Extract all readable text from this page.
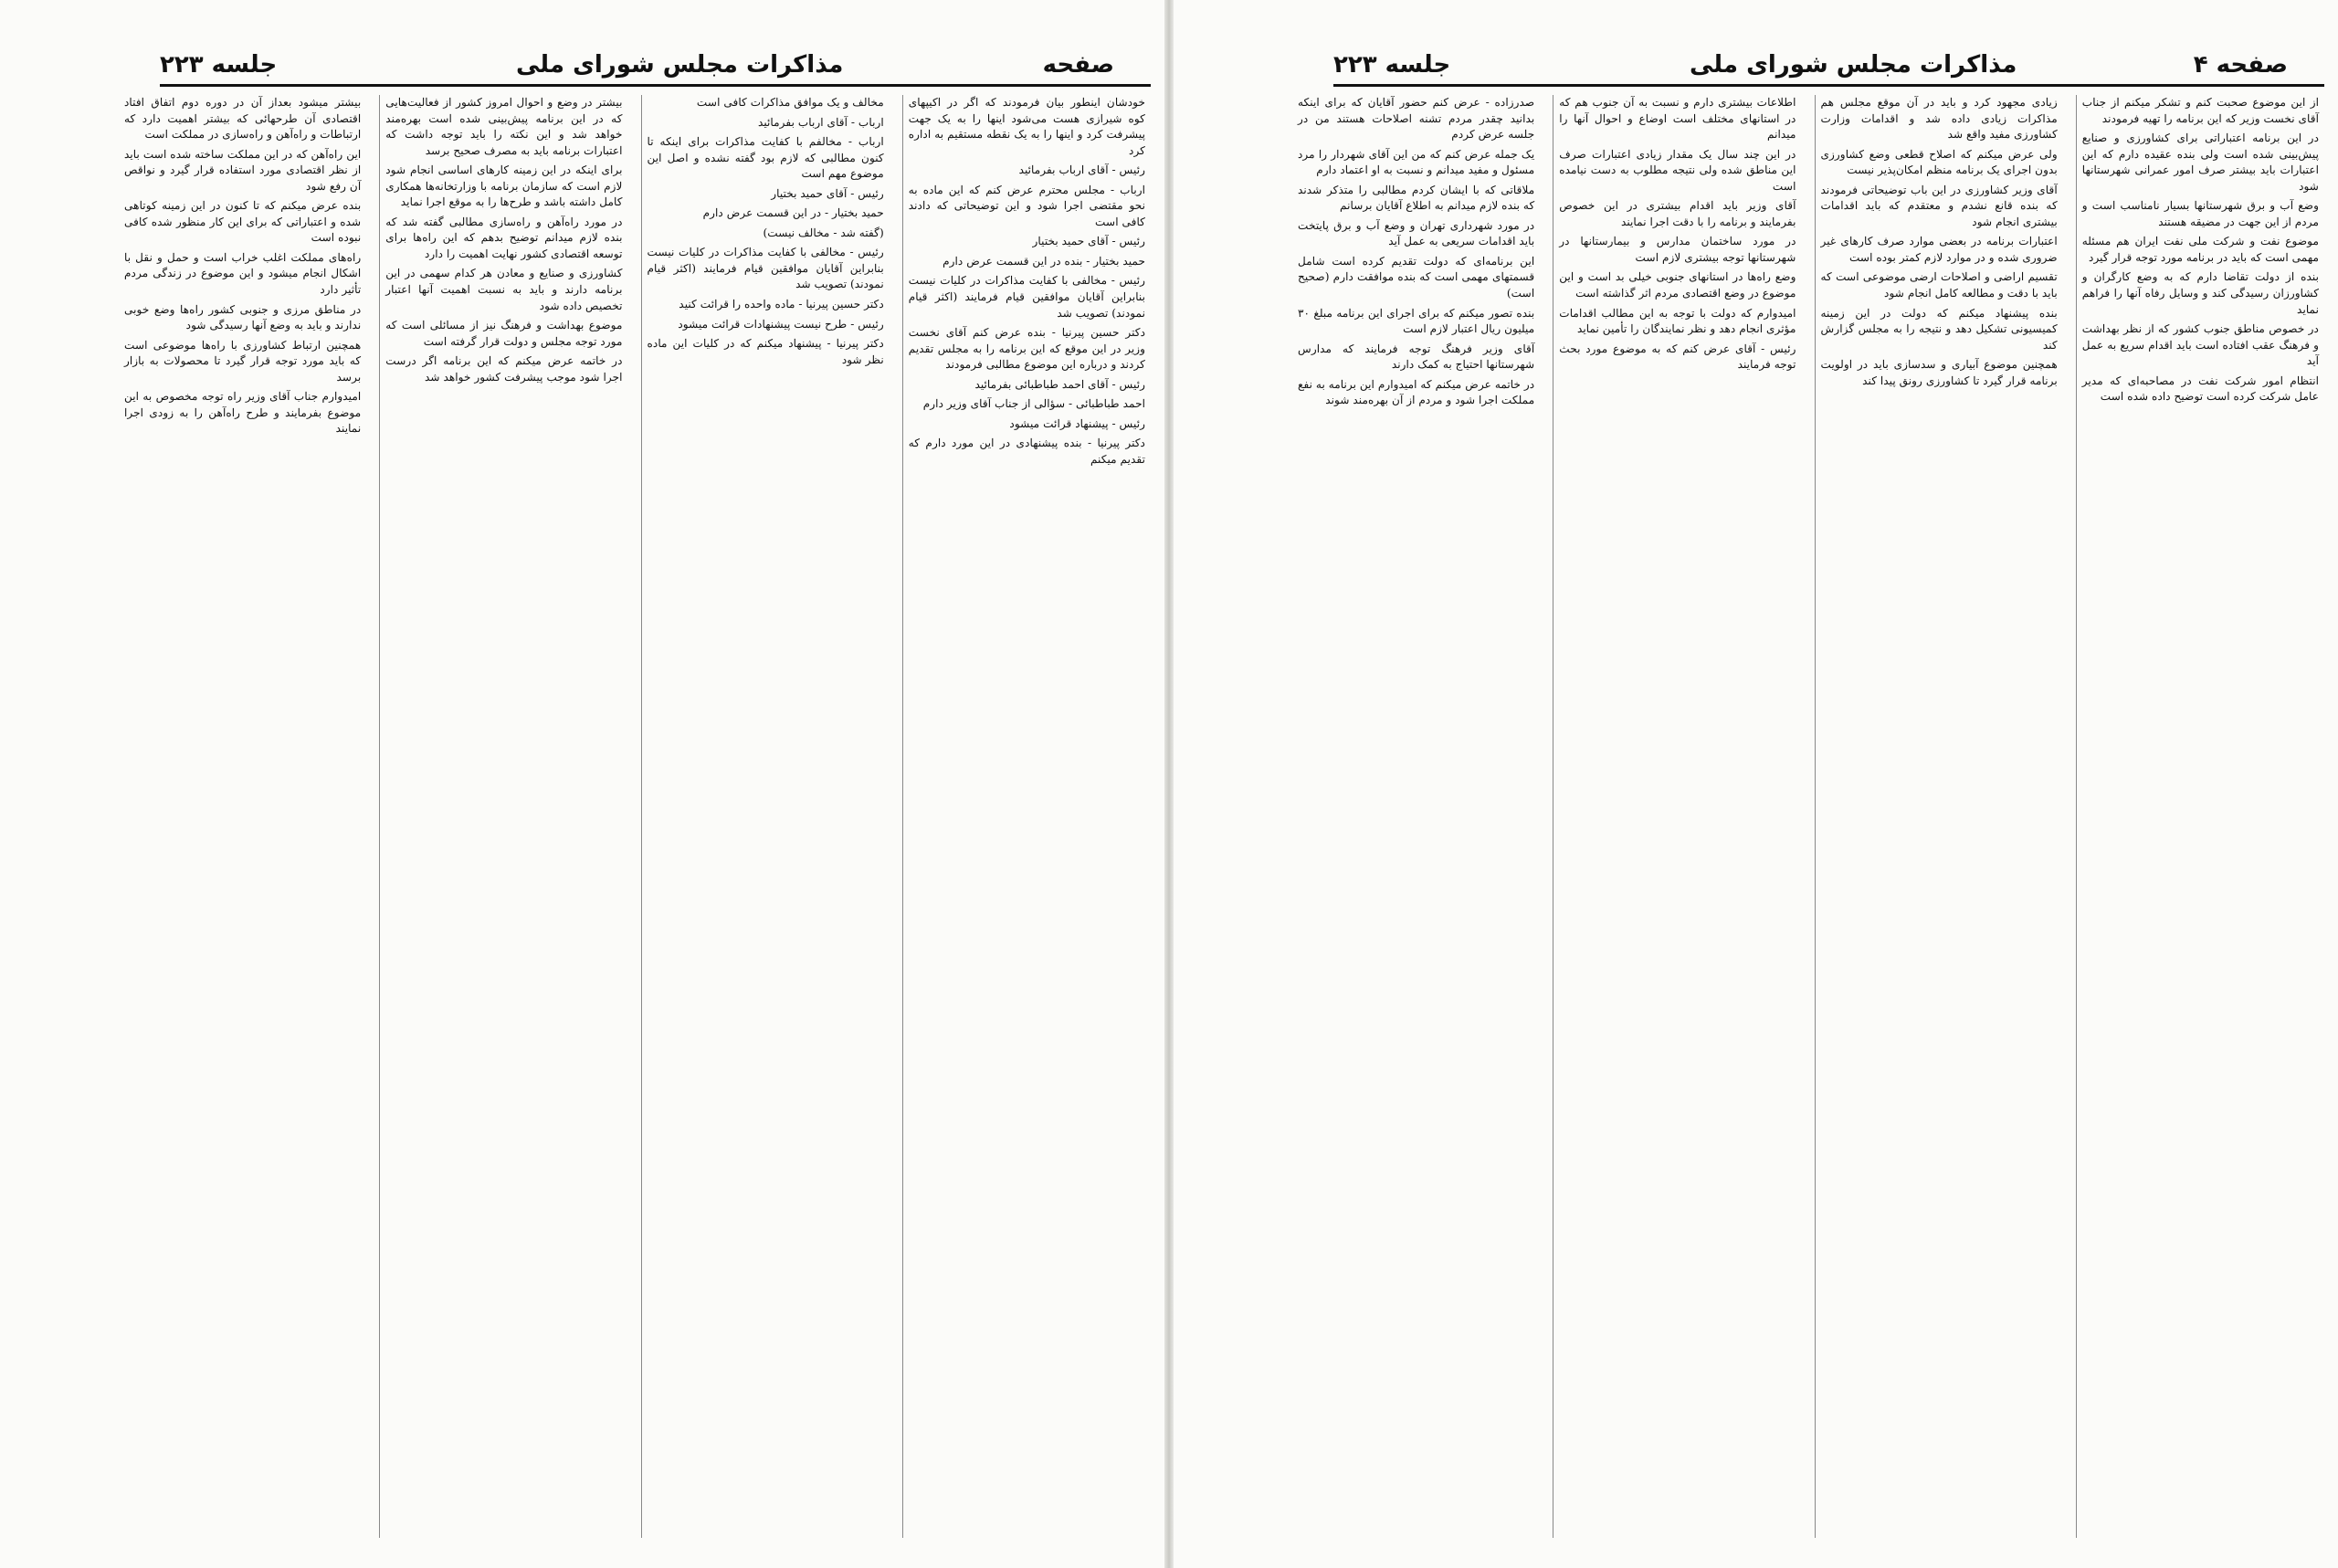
جلسه ۲۲۳	مذاکرات مجلس شورای ملی	صفحه

خودشان اینطور بیان فرمودند که اگر در اکیپهای کوه شیرازی هست می‌شود اینها را به یک جهت پیشرفت کرد و اینها را به یک نقطه مستقیم به اداره کرد

رئیس - آقای ارباب بفرمائید

ارباب - مجلس محترم عرض کنم که این ماده به نحو مقتضی اجرا شود و این توضیحاتی که دادند کافی است

رئیس - آقای حمید بختیار

حمید بختیار - بنده در این قسمت عرض دارم

رئیس - مخالفی با کفایت مذاکرات در کلیات نیست بنابراین آقایان موافقین قیام فرمایند (اکثر قیام نمودند) تصویب شد

دکتر حسین پیرنیا - بنده عرض کنم آقای نخست وزیر در این موقع که این برنامه را به مجلس تقدیم کردند و درباره این موضوع مطالبی فرمودند

رئیس - آقای احمد طباطبائی بفرمائید

احمد طباطبائی - سؤالی از جناب آقای وزیر دارم

رئیس - پیشنهاد قرائت میشود

دکتر پیرنیا - بنده پیشنهادی در این مورد دارم که تقدیم میکنم

مخالف و یک موافق مذاکرات کافی است

ارباب - آقای ارباب بفرمائید

ارباب - مخالفم با کفایت مذاکرات برای اینکه تا کنون مطالبی که لازم بود گفته نشده و اصل این موضوع مهم است

رئیس - آقای حمید بختیار

حمید بختیار - در این قسمت عرض دارم

(گفته شد - مخالف نیست)

رئیس - مخالفی با کفایت مذاکرات در کلیات نیست بنابراین آقایان موافقین قیام فرمایند (اکثر قیام نمودند) تصویب شد

دکتر حسین پیرنیا - ماده واحده را قرائت کنید

رئیس - طرح نیست پیشنهادات قرائت میشود

دکتر پیرنیا - پیشنهاد میکنم که در کلیات این ماده نظر شود

بیشتر در وضع و احوال امروز کشور از فعالیت‌هایی که در این برنامه پیش‌بینی شده است بهره‌مند خواهد شد و این نکته را باید توجه داشت که اعتبارات برنامه باید به مصرف صحیح برسد

برای اینکه در این زمینه کارهای اساسی انجام شود لازم است که سازمان برنامه با وزارتخانه‌ها همکاری کامل داشته باشد و طرح‌ها را به موقع اجرا نماید

در مورد راه‌آهن و راه‌سازی مطالبی گفته شد که بنده لازم میدانم توضیح بدهم که این راه‌ها برای توسعه اقتصادی کشور نهایت اهمیت را دارد

کشاورزی و صنایع و معادن هر کدام سهمی در این برنامه دارند و باید به نسبت اهمیت آنها اعتبار تخصیص داده شود

موضوع بهداشت و فرهنگ نیز از مسائلی است که مورد توجه مجلس و دولت قرار گرفته است

در خاتمه عرض میکنم که این برنامه اگر درست اجرا شود موجب پیشرفت کشور خواهد شد

بیشتر میشود بعداز آن در دوره دوم اتفاق افتاد اقتصادی آن طرحهائی که بیشتر اهمیت دارد که ارتباطات و راه‌آهن و راه‌سازی در مملکت است

این راه‌آهن که در این مملکت ساخته شده است باید از نظر اقتصادی مورد استفاده قرار گیرد و نواقص آن رفع شود

بنده عرض میکنم که تا کنون در این زمینه کوتاهی شده و اعتباراتی که برای این کار منظور شده کافی نبوده است

راه‌های مملکت اغلب خراب است و حمل و نقل با اشکال انجام میشود و این موضوع در زندگی مردم تأثیر دارد

در مناطق مرزی و جنوبی کشور راه‌ها وضع خوبی ندارند و باید به وضع آنها رسیدگی شود

همچنین ارتباط کشاورزی با راه‌ها موضوعی است که باید مورد توجه قرار گیرد تا محصولات به بازار برسد

امیدوارم جناب آقای وزیر راه توجه مخصوص به این موضوع بفرمایند و طرح راه‌آهن را به زودی اجرا نمایند

جلسه ۲۲۳	مذاکرات مجلس شورای ملی	صفحه ۴

از این موضوع صحبت کنم و تشکر میکنم از جناب آقای نخست وزیر که این برنامه را تهیه فرمودند

در این برنامه اعتباراتی برای کشاورزی و صنایع پیش‌بینی شده است ولی بنده عقیده دارم که این اعتبارات باید بیشتر صرف امور عمرانی شهرستانها شود

وضع آب و برق شهرستانها بسیار نامناسب است و مردم از این جهت در مضیقه هستند

موضوع نفت و شرکت ملی نفت ایران هم مسئله مهمی است که باید در برنامه مورد توجه قرار گیرد

بنده از دولت تقاضا دارم که به وضع کارگران و کشاورزان رسیدگی کند و وسایل رفاه آنها را فراهم نماید

در خصوص مناطق جنوب کشور که از نظر بهداشت و فرهنگ عقب افتاده است باید اقدام سریع به عمل آید

انتظام امور شرکت نفت در مصاحبه‌ای که مدیر عامل شرکت کرده است توضیح داده شده است

زیادی مجهود کرد و باید در آن موقع مجلس هم مذاکرات زیادی داده شد و اقدامات وزارت کشاورزی مفید واقع شد

ولی عرض میکنم که اصلاح قطعی وضع کشاورزی بدون اجرای یک برنامه منظم امکان‌پذیر نیست

آقای وزیر کشاورزی در این باب توضیحاتی فرمودند که بنده قانع نشدم و معتقدم که باید اقدامات بیشتری انجام شود

اعتبارات برنامه در بعضی موارد صرف کارهای غیر ضروری شده و در موارد لازم کمتر بوده است

تقسیم اراضی و اصلاحات ارضی موضوعی است که باید با دقت و مطالعه کامل انجام شود

بنده پیشنهاد میکنم که دولت در این زمینه کمیسیونی تشکیل دهد و نتیجه را به مجلس گزارش کند

همچنین موضوع آبیاری و سدسازی باید در اولویت برنامه قرار گیرد تا کشاورزی رونق پیدا کند

اطلاعات بیشتری دارم و نسبت به آن جنوب هم که در استانهای مختلف است اوضاع و احوال آنها را میدانم

در این چند سال یک مقدار زیادی اعتبارات صرف این مناطق شده ولی نتیجه مطلوب به دست نیامده است

آقای وزیر باید اقدام بیشتری در این خصوص بفرمایند و برنامه را با دقت اجرا نمایند

در مورد ساختمان مدارس و بیمارستانها در شهرستانها توجه بیشتری لازم است

وضع راه‌ها در استانهای جنوبی خیلی بد است و این موضوع در وضع اقتصادی مردم اثر گذاشته است

امیدوارم که دولت با توجه به این مطالب اقدامات مؤثری انجام دهد و نظر نمایندگان را تأمین نماید

رئیس - آقای عرض کنم که به موضوع مورد بحث توجه فرمایند

صدرزاده - عرض کنم حضور آقایان که برای اینکه بدانید چقدر مردم تشنه اصلاحات هستند من در جلسه عرض کردم

یک جمله عرض کنم که من این آقای شهردار را مرد مسئول و مفید میدانم و نسبت به او اعتماد دارم

ملاقاتی که با ایشان کردم مطالبی را متذکر شدند که بنده لازم میدانم به اطلاع آقایان برسانم

در مورد شهرداری تهران و وضع آب و برق پایتخت باید اقدامات سریعی به عمل آید

این برنامه‌ای که دولت تقدیم کرده است شامل قسمتهای مهمی است که بنده موافقت دارم (صحیح است)

بنده تصور میکنم که برای اجرای این برنامه مبلغ ۳۰ میلیون ریال اعتبار لازم است

آقای وزیر فرهنگ توجه فرمایند که مدارس شهرستانها احتیاج به کمک دارند

در خاتمه عرض میکنم که امیدوارم این برنامه به نفع مملکت اجرا شود و مردم از آن بهره‌مند شوند
